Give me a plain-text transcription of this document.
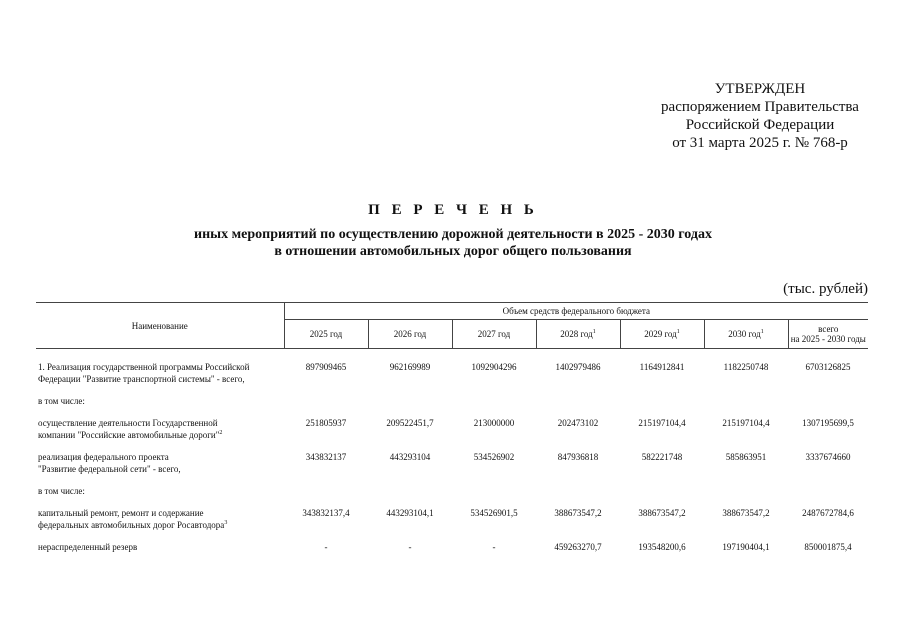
УТВЕРЖДЕН
распоряжением Правительства
Российской Федерации
от 31 марта 2025 г. № 768-р
П Е Р Е Ч Е Н Ь
иных мероприятий по осуществлению дорожной деятельности в 2025 - 2030 годах
в отношении автомобильных дорог общего пользования
(тыс. рублей)
Наименование	Объем средств федерального бюджета						
	2025 год	2026 год	2027 год	2028 год$^1$	2029 год$^1$	2030 год$^1$	всего
на 2025 - 2030 годы

1. Реализация государственной программы Российской
Федерации "Развитие транспортной системы" - всего,	897909465	962169989	1092904296	1402979486	1164912841	1182250748	6703126825
в том числе:							

осуществление деятельности Государственной
компании "Российские автомобильные дороги"$^2$	251805937	209522451,7	213000000	202473102	215197104,4	215197104,4	1307195699,5

реализация федерального проекта
"Развитие федеральной сети" - всего,	343832137	443293104	534526902	847936818	582221748	585863951	3337674660
в том числе:							

капитальный ремонт, ремонт и содержание
федеральных автомобильных дорог Росавтодора$^3$	343832137,4	443293104,1	534526901,5	388673547,2	388673547,2	388673547,2	2487672784,6
нераспределенный резерв	-	-	-	459263270,7	193548200,6	197190404,1	850001875,4
